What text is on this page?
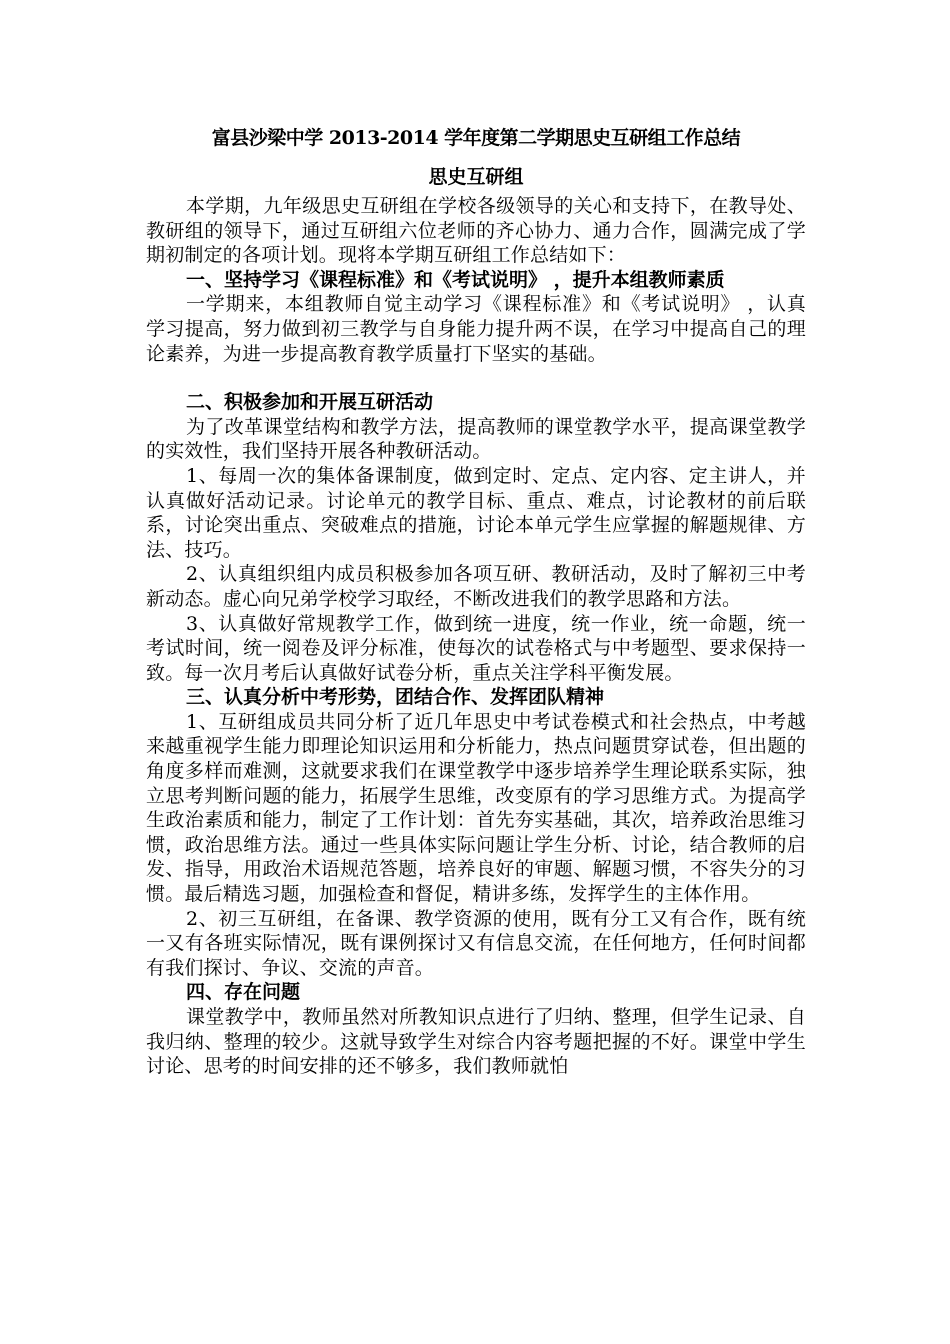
富县沙梁中学 2013-2014 学年度第二学期思史互研组工作总结
思史互研组

本学期，九年级思史互研组在学校各级领导的关心和支持下，在教导处、教研组的领导下，通过互研组六位老师的齐心协力、通力合作，圆满完成了学期初制定的各项计划。现将本学期互研组工作总结如下：

一、坚持学习《课程标准》和《考试说明》 ，提升本组教师素质

一学期来，本组教师自觉主动学习《课程标准》和《考试说明》 ，认真学习提高，努力做到初三教学与自身能力提升两不误，在学习中提高自己的理论素养，为进一步提高教育教学质量打下坚实的基础。

二、积极参加和开展互研活动

为了改革课堂结构和教学方法，提高教师的课堂教学水平，提高课堂教学的实效性，我们坚持开展各种教研活动。

1、每周一次的集体备课制度，做到定时、定点、定内容、定主讲人，并认真做好活动记录。讨论单元的教学目标、重点、难点，讨论教材的前后联系，讨论突出重点、突破难点的措施，讨论本单元学生应掌握的解题规律、方法、技巧。

2、认真组织组内成员积极参加各项互研、教研活动，及时了解初三中考新动态。虚心向兄弟学校学习取经，不断改进我们的教学思路和方法。

3、认真做好常规教学工作，做到统一进度，统一作业，统一命题，统一考试时间，统一阅卷及评分标准，使每次的试卷格式与中考题型、要求保持一致。每一次月考后认真做好试卷分析，重点关注学科平衡发展。

三、认真分析中考形势，团结合作、发挥团队精神

1、互研组成员共同分析了近几年思史中考试卷模式和社会热点，中考越来越重视学生能力即理论知识运用和分析能力，热点问题贯穿试卷，但出题的角度多样而难测，这就要求我们在课堂教学中逐步培养学生理论联系实际，独立思考判断问题的能力，拓展学生思维，改变原有的学习思维方式。为提高学生政治素质和能力，制定了工作计划：首先夯实基础，其次，培养政治思维习惯，政治思维方法。通过一些具体实际问题让学生分析、讨论，结合教师的启发、指导，用政治术语规范答题，培养良好的审题、解题习惯，不容失分的习惯。最后精选习题，加强检查和督促，精讲多练，发挥学生的主体作用。

2、初三互研组，在备课、教学资源的使用，既有分工又有合作，既有统一又有各班实际情况，既有课例探讨又有信息交流，在任何地方，任何时间都有我们探讨、争议、交流的声音。

四、存在问题

课堂教学中，教师虽然对所教知识点进行了归纳、整理，但学生记录、自我归纳、整理的较少。这就导致学生对综合内容考题把握的不好。课堂中学生讨论、思考的时间安排的还不够多，我们教师就怕
